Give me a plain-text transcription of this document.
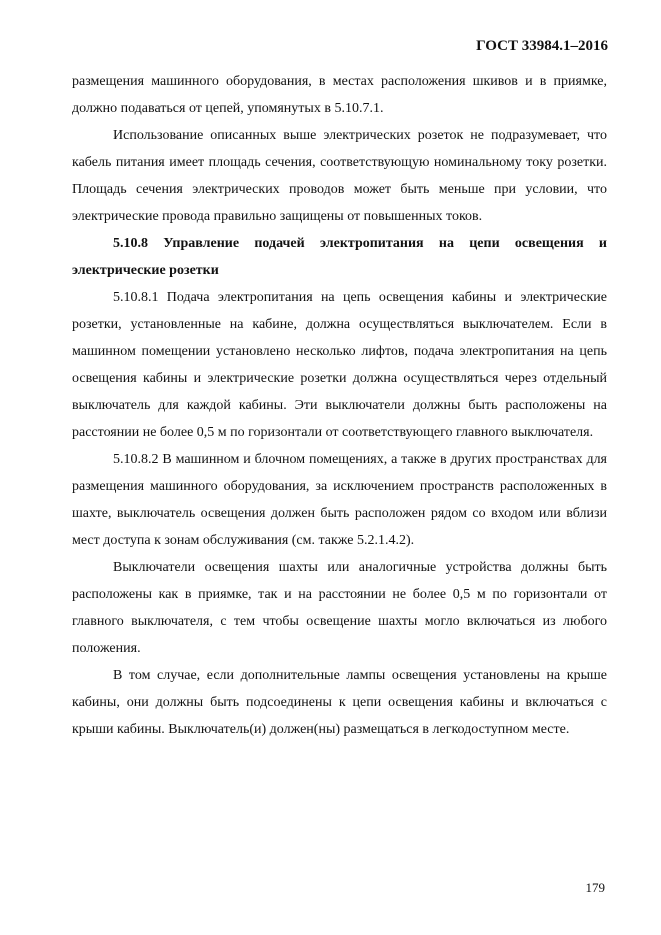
ГОСТ 33984.1–2016

размещения машинного оборудования, в местах расположения шкивов и в приямке, должно подаваться от цепей, упомянутых в 5.10.7.1.

Использование описанных выше электрических розеток не подразумевает, что кабель питания имеет площадь сечения, соответствующую номинальному току розетки. Площадь сечения электрических проводов может быть меньше при условии, что электрические провода правильно защищены от повышенных токов.

5.10.8 Управление подачей электропитания на цепи освещения и электрические розетки

5.10.8.1 Подача электропитания на цепь освещения кабины и электрические розетки, установленные на кабине, должна осуществляться выключателем. Если в машинном помещении установлено несколько лифтов, подача электропитания на цепь освещения кабины и электрические розетки должна осуществляться через отдельный выключатель для каждой кабины. Эти выключатели должны быть расположены на расстоянии не более 0,5 м по горизонтали от соответствующего главного выключателя.

5.10.8.2 В машинном и блочном помещениях, а также в других пространствах для размещения машинного оборудования, за исключением пространств расположенных в шахте, выключатель освещения должен быть расположен рядом со входом или вблизи мест доступа к зонам обслуживания (см. также 5.2.1.4.2).

Выключатели освещения шахты или аналогичные устройства должны быть расположены как в приямке, так и на расстоянии не более 0,5 м по горизонтали от главного выключателя, с тем чтобы освещение шахты могло включаться из любого положения.

В том случае, если дополнительные лампы освещения установлены на крыше кабины, они должны быть подсоединены к цепи освещения кабины и включаться с крыши кабины. Выключатель(и) должен(ны) размещаться в легкодоступном месте.

179
